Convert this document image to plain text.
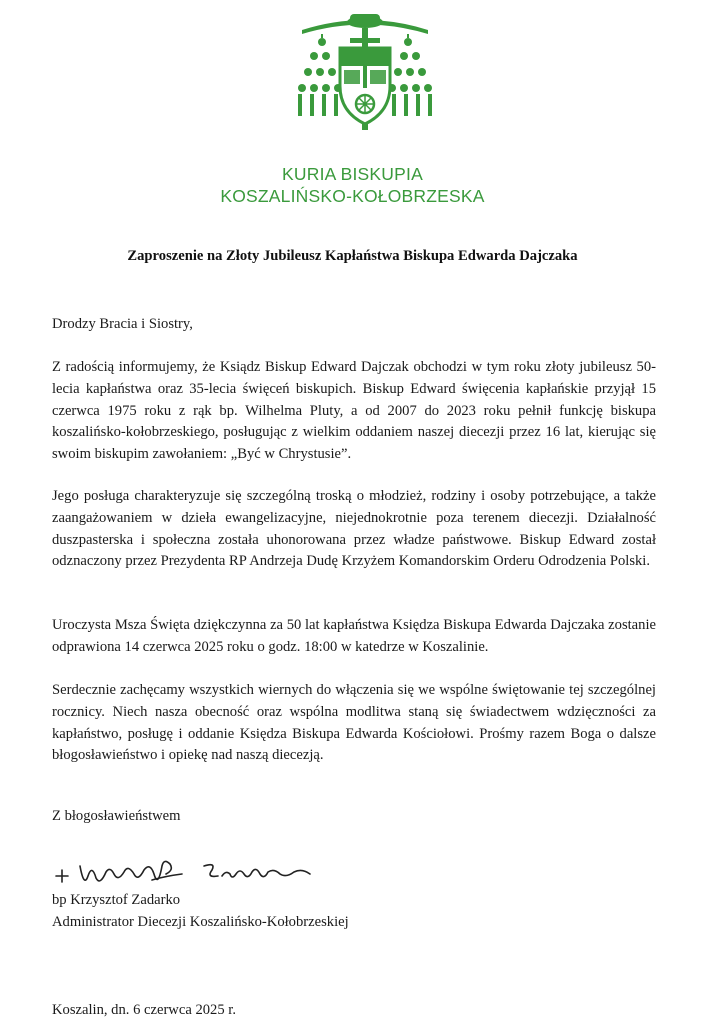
KURIA BISKUPIA
KOSZALIŃSKO-KOŁOBRZESKA
Zaproszenie na Złoty Jubileusz Kapłaństwa Biskupa Edwarda Dajczaka
Drodzy Bracia i Siostry,
Z radością informujemy, że Ksiądz Biskup Edward Dajczak obchodzi w tym roku złoty jubileusz 50-lecia kapłaństwa oraz 35-lecia święceń biskupich. Biskup Edward święcenia kapłańskie przyjął 15 czerwca 1975 roku z rąk bp. Wilhelma Pluty, a od 2007 do 2023 roku pełnił funkcję biskupa koszalińsko-kołobrzeskiego, posługując z wielkim oddaniem naszej diecezji przez 16 lat, kierując się swoim biskupim zawołaniem: „Być w Chrystusie”.
Jego posługa charakteryzuje się szczególną troską o młodzież, rodziny i osoby potrzebujące, a także zaangażowaniem w dzieła ewangelizacyjne, niejednokrotnie poza terenem diecezji. Działalność duszpasterska i społeczna została uhonorowana przez władze państwowe. Biskup Edward został odznaczony przez Prezydenta RP Andrzeja Dudę Krzyżem Komandorskim Orderu Odrodzenia Polski.
Uroczysta Msza Święta dziękczynna za 50 lat kapłaństwa Księdza Biskupa Edwarda Dajczaka zostanie odprawiona 14 czerwca 2025 roku o godz. 18:00 w katedrze w Koszalinie.
Serdecznie zachęcamy wszystkich wiernych do włączenia się we wspólne świętowanie tej szczególnej rocznicy. Niech nasza obecność oraz wspólna modlitwa staną się świadectwem wdzięczności za kapłaństwo, posługę i oddanie Księdza Biskupa Edwarda Kościołowi. Prośmy razem Boga o dalsze błogosławieństwo i opiekę nad naszą diecezją.
Z błogosławieństwem
bp Krzysztof Zadarko
Administrator Diecezji Koszalińsko-Kołobrzeskiej
Koszalin, dn. 6 czerwca 2025 r.
